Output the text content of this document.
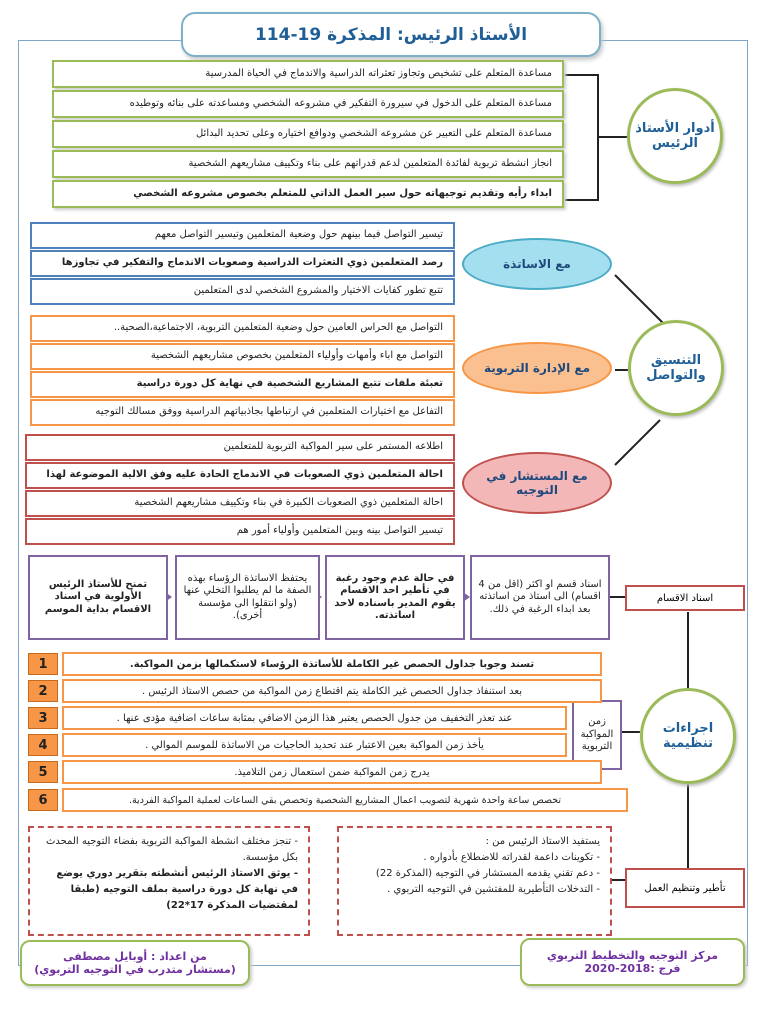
الأستاذ الرئيس: المذكرة 19-114
أدوار الأستاذ الرئيس
مساعدة المتعلم على تشخيص وتجاوز تعثراته الدراسية والاندماج في الحياة المدرسية
مساعدة المتعلم على الدخول في سيرورة التفكير في مشروعه الشخصي ومساعدته على بنائه وتوطيده
مساعدة المتعلم على التعبير عن مشروعه الشخصي ودوافع اختياره وعلى تحديد البدائل
انجاز انشطة تربوية لفائدة المتعلمين لدعم قدراتهم على بناء وتكييف مشاريعهم الشخصية
ابداء رأيه وتقديم توجيهاته حول سير العمل الذاتي للمتعلم بخصوص مشروعه الشخصي
التنسيق والتواصل
مع الاساتذة
تيسير التواصل فيما بينهم حول وضعية المتعلمين وتيسير التواصل معهم
رصد المتعلمين ذوي التعثرات الدراسية وصعوبات الاندماج والتفكير في تجاوزها
تتبع تطور كفايات الاختيار والمشروع الشخصي لدى المتعلمين
مع الإدارة التربوية
التواصل مع الحراس العامين حول وضعية المتعلمين التربوية، الاجتماعية،الصحية..
التواصل مع اباء وأمهات وأولياء المتعلمين بخصوص مشاريعهم الشخصية
تعبئة ملفات تتبع المشاريع الشخصية في نهاية كل دورة دراسية
التفاعل مع اختيارات المتعلمين في ارتباطها بجاذبياتهم الدراسية ووفق مسالك التوجيه
مع المستشار في التوجيه
اطلاعه المستمر على سير المواكبة التربوية للمتعلمين
احالة المتعلمين ذوي الصعوبات في الاندماج الحادة عليه وفق الالية الموضوعة لهذا
احالة المتعلمين ذوي الصعوبات الكبيرة في بناء وتكييف مشاريعهم الشخصية
تيسير التواصل بينه وبين المتعلمين وأولياء أمور هم
اسناد الاقسام
اسناد قسم او اكثر (اقل من 4 اقسام) الى استاذ من اساتذته بعد ابداء الرغبة في ذلك.
في حالة عدم وجود رغبة في تأطير احد الاقسام يقوم المدير باسناده لاحد اساتذته.
يحتفظ الاساتذة الرؤساء بهذه الصفة ما لم يطلبوا التخلي عنها (ولو انتقلوا الى مؤسسة أخرى).
تمنح للأستاذ الرئيس الأولوية في اسناد الاقسام بداية الموسم
اجراءات تنظيمية
زمن المواكبة التربوية
1	تسند وجوبا جداول الحصص غير الكاملة للأساتذة الرؤساء لاستكمالها بزمن المواكبة.
2	بعد استنفاذ جداول الحصص غير الكاملة يتم اقتطاع زمن المواكبة من حصص الاستاذ الرئيس .
3	عند تعذر التخفيف من جدول الحصص يعتبر هذا الزمن الاضافي بمثابة ساعات اضافية مؤدى عنها .
4	يأخذ زمن المواكبة بعين الاعتبار عند تحديد الحاجيات من الاساتذة للموسم الموالي .
5	يدرج زمن المواكبة ضمن استعمال زمن التلاميذ.
6	تخصص ساعة واحدة شهرية لتصويب اعمال المشاريع الشخصية وتخصص بقي الساعات لعملية المواكبة الفردية.
تأطير وتنظيم العمل
يستفيد الاستاذ الرئيس من :
- تكوينات داعمة لقدراته للاضطلاع بأدواره .
- دعم تقني يقدمه المستشار في التوجيه (المذكرة 22)
- التدخلات التأطيرية للمفتشين في التوجيه التربوي .
- تنجز مختلف انشطة المواكبة التربوية بفضاء التوجيه المحدث بكل مؤسسة.
- يوثق الاستاذ الرئيس أنشطته بتقرير دوري يوضع في نهاية كل دورة دراسية بملف التوجيه (طبقا لمقتضيات المذكرة 17*22)
مركز التوجيه والتخطيط التربوي
فرج :2018-2020
من اعداد : أوبايل مصطفى
(مستشار متدرب في التوجيه التربوي)
